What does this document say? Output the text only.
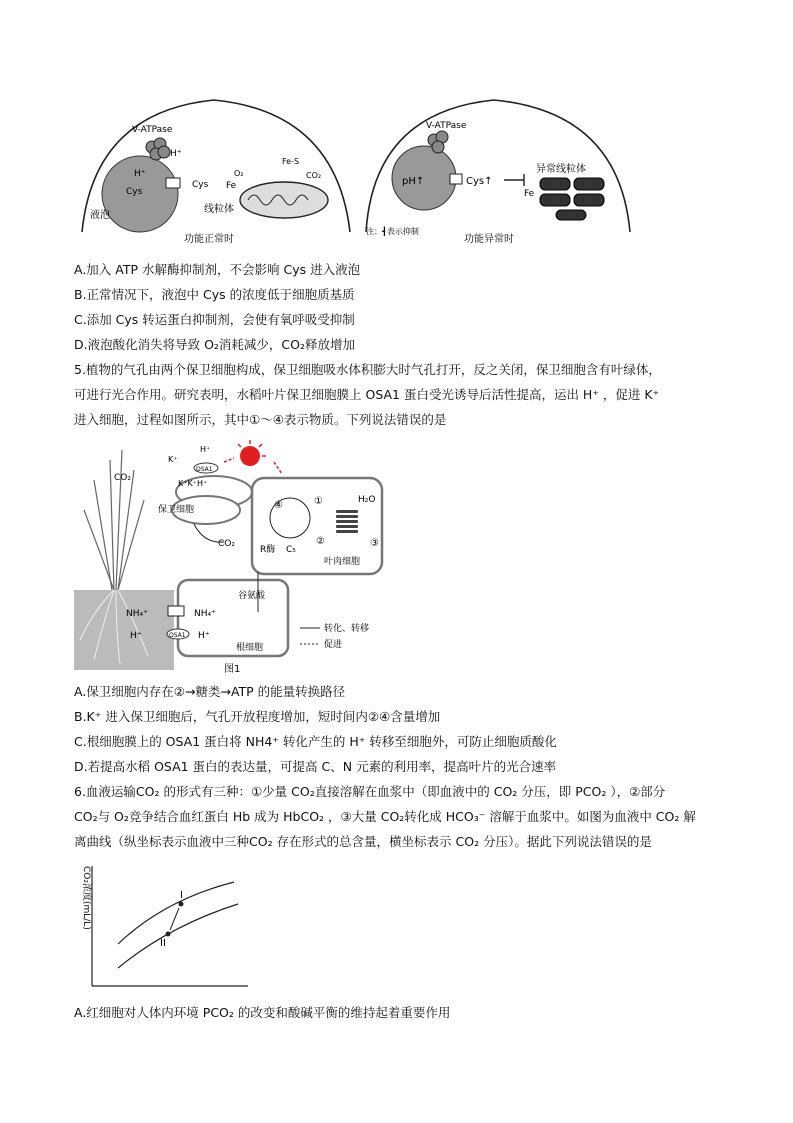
V-ATPase
H⁺
H⁺
Cys
Cys
液泡
Fe
O₂
Fe-S
CO₂
线粒体
功能正常时
V-ATPase
pH↑	Cys↑
Fe
异常线粒体
注：┫表示抑制
功能异常时
A.加入 ATP 水解酶抑制剂，不会影响 Cys 进入液泡
B.正常情况下，液泡中 Cys 的浓度低于细胞质基质
C.添加 Cys 转运蛋白抑制剂，会使有氧呼吸受抑制
D.液泡酸化消失将导致 O₂消耗减少，CO₂释放增加
5.植物的气孔由两个保卫细胞构成，保卫细胞吸水体积膨大时气孔打开，反之关闭，保卫细胞含有叶绿体，
可进行光合作用。研究表明，水稻叶片保卫细胞膜上 OSA1 蛋白受光诱导后活性提高，运出 H⁺ ，促进 K⁺
进入细胞，过程如图所示，其中①～④表示物质。下列说法错误的是
CO₂
K⁺
H⁺
OSA1
K⁺K⁺H⁺
保卫细胞
CO₂
④	①
②	③
H₂O
R酶 C₅
叶肉细胞
谷氨酸
NH₄⁺	NH₄⁺
H⁺	OSA1 H⁺
根细胞
转化、转移
促进
图1
A.保卫细胞内存在②→糖类→ATP 的能量转换路径
B.K⁺ 进入保卫细胞后，气孔开放程度增加，短时间内②④含量增加
C.根细胞膜上的 OSA1 蛋白将 NH4⁺ 转化产生的 H⁺ 转移至细胞外，可防止细胞质酸化
D.若提高水稻 OSA1 蛋白的表达量，可提高 C、N 元素的利用率，提高叶片的光合速率
6.血液运输CO₂ 的形式有三种：①少量 CO₂直接溶解在血浆中（即血液中的 CO₂ 分压，即 PCO₂ ），②部分
CO₂与 O₂竞争结合血红蛋白 Hb 成为 HbCO₂ ，③大量 CO₂转化成 HCO₃⁻ 溶解于血浆中。如图为血液中 CO₂ 解
离曲线（纵坐标表示血液中三种CO₂ 存在形式的总含量，横坐标表示 CO₂ 分压）。据此下列说法错误的是
CO₂浓度(mL/L)	I
II
A.红细胞对人体内环境 PCO₂ 的改变和酸碱平衡的维持起着重要作用
